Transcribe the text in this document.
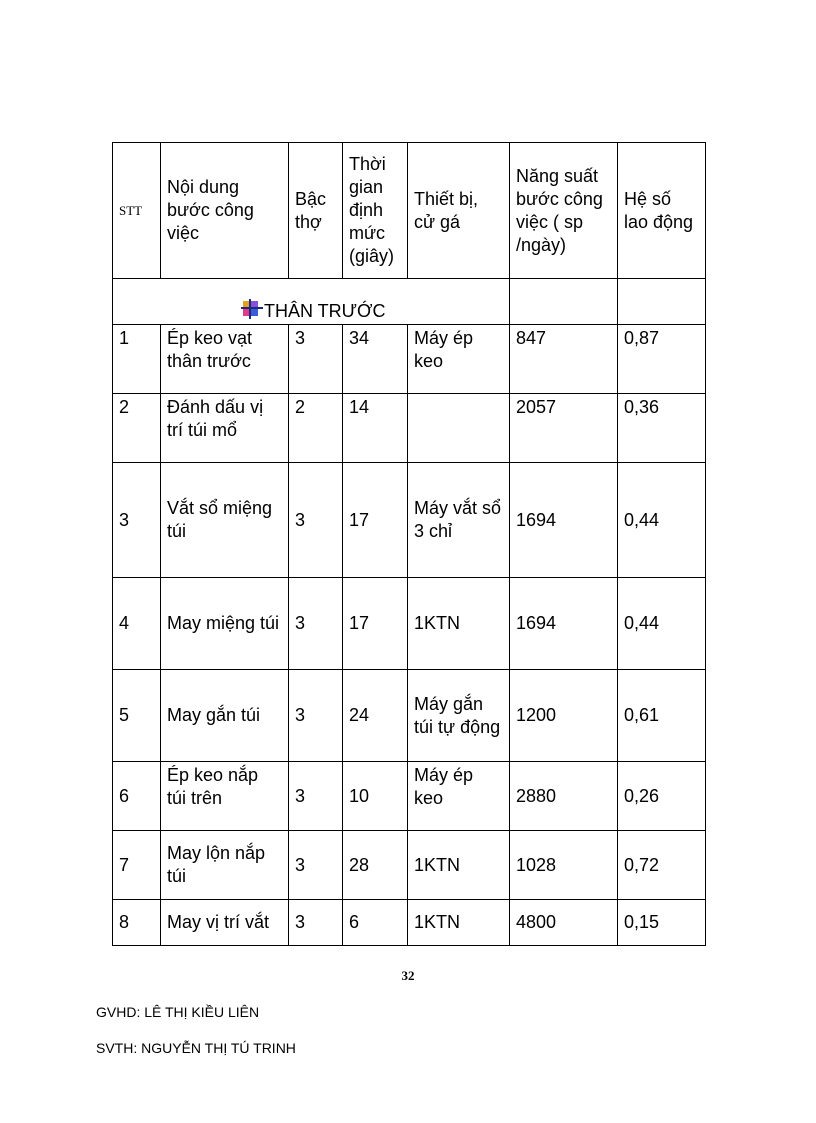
STT	Nội dung bước công việc	Bậc thợ	Thời gian định mức (giây)	Thiết bị, cử gá	Năng suất bước công việc ( sp /ngày)	Hệ số lao động

THÂN TRƯỚC						

1	Ép keo vạt thân trước	3	34	Máy ép keo	847	0,87
2	Đánh dấu vị trí túi mổ	2	14		2057	0,36
3	Vắt sổ miệng túi	3	17	Máy vắt sổ 3 chỉ	1694	0,44
4	May miệng túi	3	17	1KTN	1694	0,44
5	May gắn túi	3	24	Máy gắn túi tự động	1200	0,61
6	Ép keo nắp túi trên	3	10	Máy ép keo	2880	0,26
7	May lộn nắp túi	3	28	1KTN	1028	0,72
8	May vị trí vắt	3	6	1KTN	4800	0,15
32
GVHD: LÊ THỊ KIỀU LIÊN
SVTH: NGUYỄN THỊ TÚ TRINH
